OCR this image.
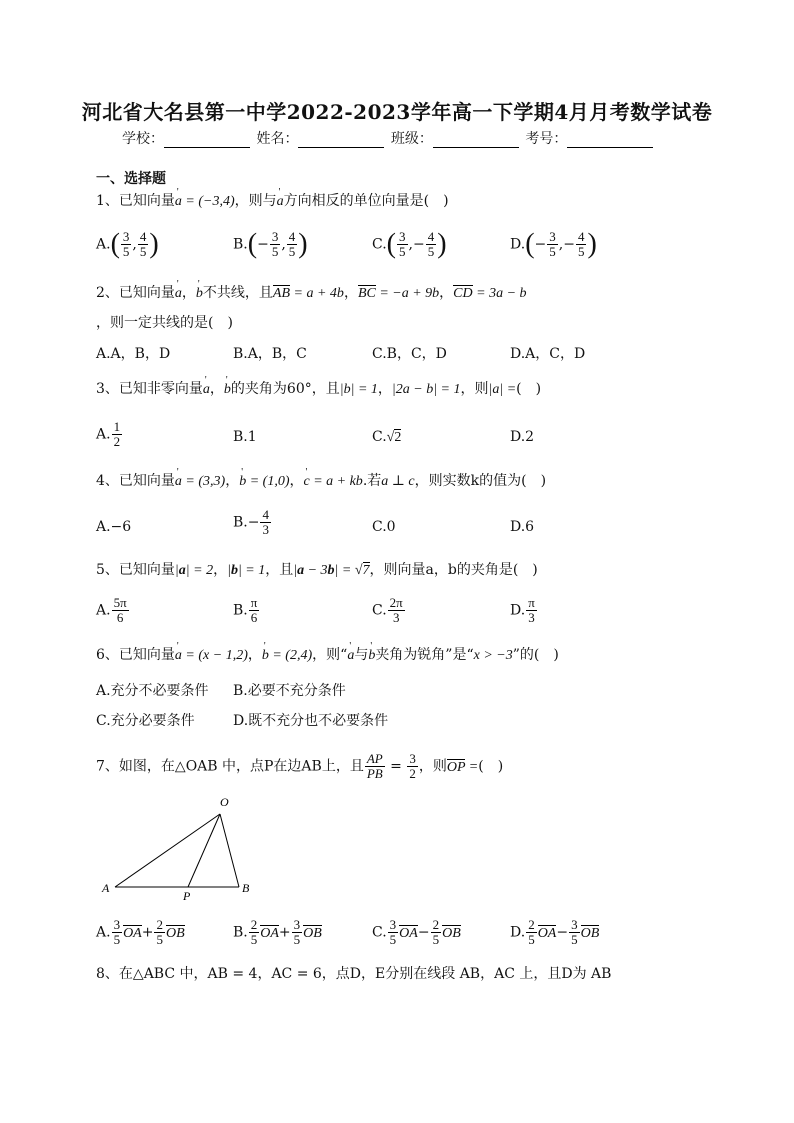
河北省大名县第一中学2022-2023学年高一下学期4月月考数学试卷
学校：	姓名：	班级：	考号：
一、选择题
1、已知向量' a = (−3,4)，则与' a方向相反的单位向量是(　)
$A.( \frac{3}{5}$ , $\frac{4}{5}$ )	$B.(- \frac{3}{5}$ , $\frac{4}{5}$ )	$C.( \frac{3}{5}$ ,− $\frac{4}{5}$ )	$D.(- \frac{3}{5}$ ,− $\frac{4}{5}$ )
2、已知向量' a，' b不共线，且AB = a + 4b，BC = −a + 9b，CD = 3a − b
，则一定共线的是(　)
A.A，B，D	B.A，B，C	C.B，C，D	D.A，C，D
3、已知非零向量' a，' b的夹角为60°，且|b| = 1，|2a − b| = 1，则|a| =(　)
A. $\frac{1}{2}$	B.1	C.√2	D.2
4、已知向量' a = (3,3)，' b = (1,0)，' c = a + kb.若a ⊥ c，则实数k的值为(　)
A.−6	$B.- \frac{4}{3}$	C.0	D.6
5、已知向量|a| = 2，|b| = 1，且|a − 3b| = √7，则向量a，b的夹角是(　)
A. $\frac{5\pi}{6}$	B. $\frac{\pi}{6}$	C. $\frac{2\pi}{3}$	D. $\frac{\pi}{3}$
6、已知向量' a = (x − 1,2)，' b = (2,4)，则“' a与' b夹角为锐角”是“x > −3”的(　)
A.充分不必要条件 B.必要不充分条件
C.充分必要条件	D.既不充分也不必要条件
7、如图，在△OAB 中，点P在边AB上，且 $\frac{AP}{PB} = \frac{3}{2}$ ，则OP =(　)
O
A
P
B
A. $\frac{3}{5} OA+ \frac{2}{5}$ OB	B. $\frac{2}{5} OA+ \frac{3}{5}$ OB	C. $\frac{3}{5} OA- \frac{2}{5}$ OB	D. $\frac{2}{5} OA- \frac{3}{5}$ OB
8、在△ABC 中，AB = 4，AC = 6，点D，E分别在线段 AB，AC 上，且D为 AB
